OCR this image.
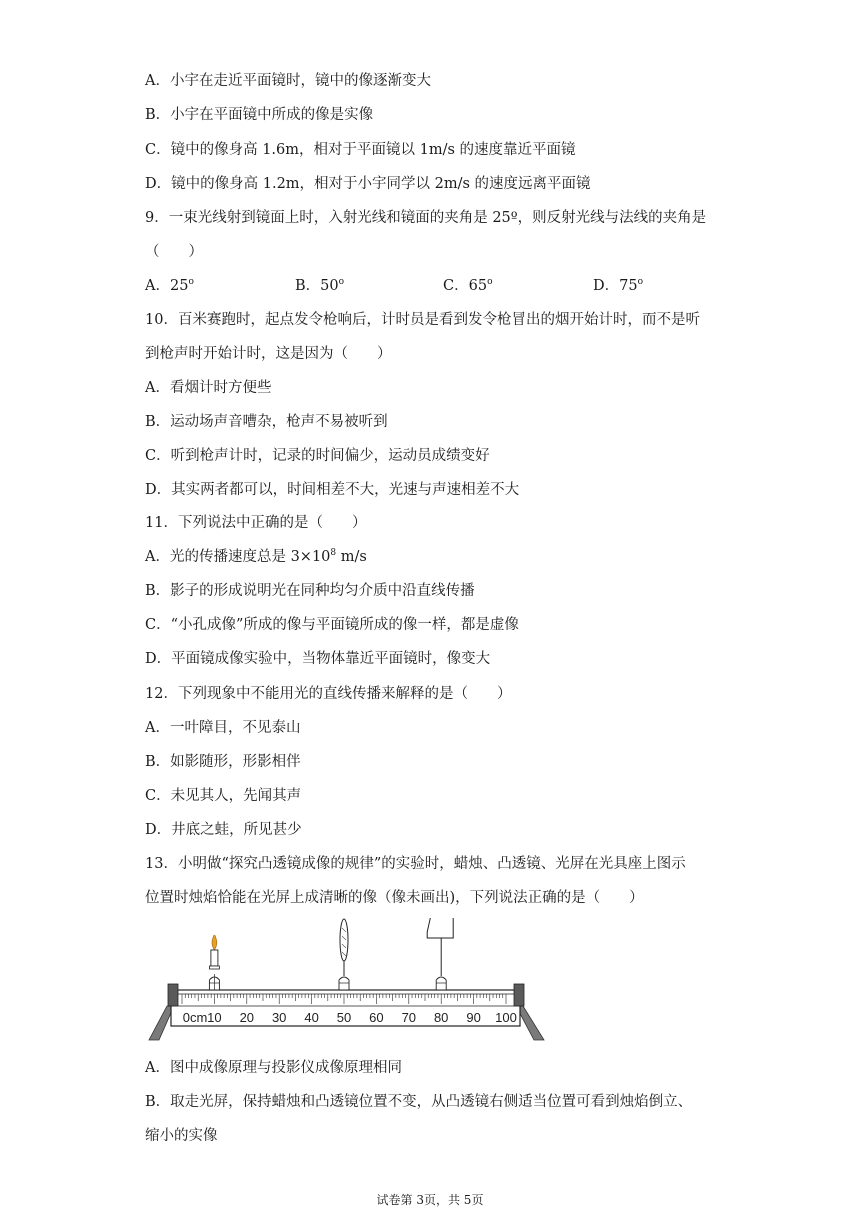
A．小宇在走近平面镜时，镜中的像逐渐变大
B．小宇在平面镜中所成的像是实像
C．镜中的像身高 1.6m，相对于平面镜以 1m/s 的速度靠近平面镜
D．镜中的像身高 1.2m，相对于小宇同学以 2m/s 的速度远离平面镜
9．一束光线射到镜面上时，入射光线和镜面的夹角是 25º，则反射光线与法线的夹角是
（　　）
A．25$^o$	B．50$^o$	C．65$^o$	D．75$^o$
10．百米赛跑时，起点发令枪响后，计时员是看到发令枪冒出的烟开始计时，而不是听
到枪声时开始计时，这是因为（　　）
A．看烟计时方便些
B．运动场声音嘈杂，枪声不易被听到
C．听到枪声计时，记录的时间偏少，运动员成绩变好
D．其实两者都可以，时间相差不大，光速与声速相差不大
11．下列说法中正确的是（　　）
A．光的传播速度总是 $3\times 10^8$ m/s
B．影子的形成说明光在同种均匀介质中沿直线传播
C．“小孔成像”所成的像与平面镜所成的像一样，都是虚像
D．平面镜成像实验中，当物体靠近平面镜时，像变大
12．下列现象中不能用光的直线传播来解释的是（　　）
A．一叶障目，不见泰山
B．如影随形，形影相伴
C．未见其人，先闻其声
D．井底之蛙，所见甚少
13．小明做“探究凸透镜成像的规律”的实验时，蜡烛、凸透镜、光屏在光具座上图示
位置时烛焰恰能在光屏上成清晰的像（像未画出)，下列说法正确的是（　　）
0cm 10 20 30 40 50 60 70 80 90 100
A．图中成像原理与投影仪成像原理相同
B．取走光屏，保持蜡烛和凸透镜位置不变，从凸透镜右侧适当位置可看到烛焰倒立、
缩小的实像
试卷第 3页，共 5页
